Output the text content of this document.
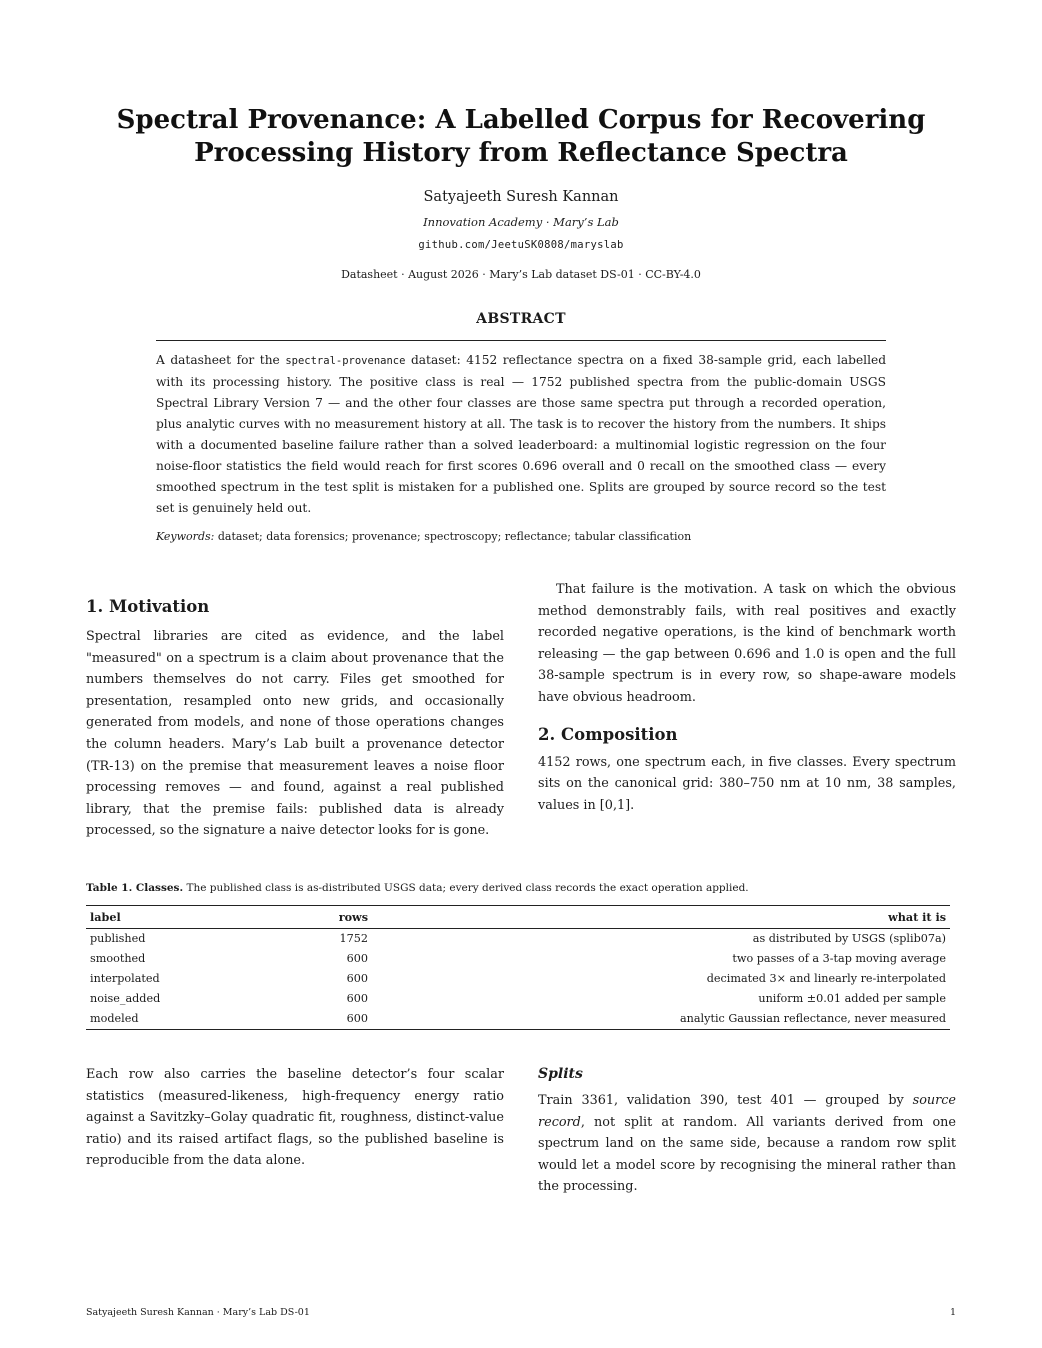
Spectral Provenance: A Labelled Corpus for Recovering
Processing History from Reflectance Spectra
Satyajeeth Suresh Kannan
Innovation Academy · Mary’s Lab
github.com/JeetuSK0808/maryslab
Datasheet · August 2026 · Mary’s Lab dataset DS-01 · CC-BY-4.0
ABSTRACT
A datasheet for the spectral-provenance dataset: 4152 reflectance spectra on a fixed 38-sample grid, each labelled with its processing history. The positive class is real — 1752 published spectra from the public-domain USGS Spectral Library Version 7 — and the other four classes are those same spectra put through a recorded operation, plus analytic curves with no measurement history at all. The task is to recover the history from the numbers. It ships with a documented baseline failure rather than a solved leaderboard: a multinomial logistic regression on the four noise-floor statistics the field would reach for first scores 0.696 overall and 0 recall on the smoothed class — every smoothed spectrum in the test split is mistaken for a published one. Splits are grouped by source record so the test set is genuinely held out.
Keywords: dataset; data forensics; provenance; spectroscopy; reflectance; tabular classification
1. Motivation

Spectral libraries are cited as evidence, and the label "measured" on a spectrum is a claim about provenance that the numbers themselves do not carry. Files get smoothed for presentation, resampled onto new grids, and occasionally generated from models, and none of those operations changes the column headers. Mary’s Lab built a provenance detector (TR-13) on the premise that measurement leaves a noise floor processing removes — and found, against a real published library, that the premise fails: published data is already processed, so the signature a naive detector looks for is gone.

That failure is the motivation. A task on which the obvious method demonstrably fails, with real positives and exactly recorded negative operations, is the kind of benchmark worth releasing — the gap between 0.696 and 1.0 is open and the full 38-sample spectrum is in every row, so shape-aware models have obvious headroom.

2. Composition

4152 rows, one spectrum each, in five classes. Every spectrum sits on the canonical grid: 380–750 nm at 10 nm, 38 samples, values in [0,1].

Table 1. Classes. The published class is as-distributed USGS data; every derived class records the exact operation applied.
label	rows	what it is
published	1752	as distributed by USGS (splib07a)
smoothed	600	two passes of a 3-tap moving average
interpolated	600	decimated 3× and linearly re-interpolated
noise_added	600	uniform ±0.01 added per sample
modeled	600	analytic Gaussian reflectance, never measured

Each row also carries the baseline detector’s four scalar statistics (measured-likeness, high-frequency energy ratio against a Savitzky–Golay quadratic fit, roughness, distinct-value ratio) and its raised artifact flags, so the published baseline is reproducible from the data alone.

Splits

Train 3361, validation 390, test 401 — grouped by source record, not split at random. All variants derived from one spectrum land on the same side, because a random row split would let a model score by recognising the mineral rather than the processing.

Satyajeeth Suresh Kannan · Mary’s Lab DS-01	1
